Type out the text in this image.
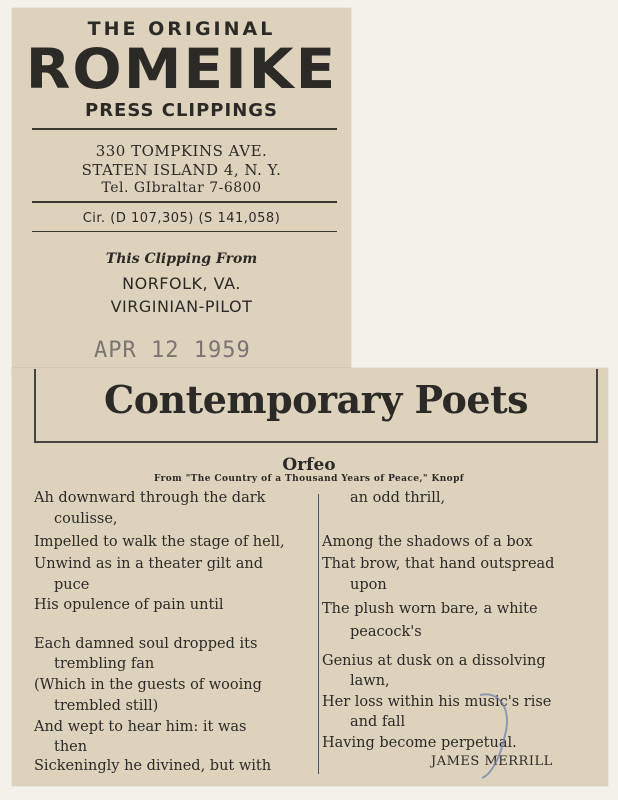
THE ORIGINAL
ROMEIKE
PRESS CLIPPINGS
330 TOMPKINS AVE.
STATEN ISLAND 4, N. Y.
Tel. GIbraltar 7-6800
Cir. (D 107,305) (S 141,058)
This Clipping From
NORFOLK, VA.
VIRGINIAN-PILOT
APR 12 1959
Contemporary Poets
Orfeo
From "The Country of a Thousand Years of Peace," Knopf
Ah downward through the dark
coulisse,
Impelled to walk the stage of hell,
Unwind as in a theater gilt and
puce
His opulence of pain until
Each damned soul dropped its
trembling fan
(Which in the guests of wooing
trembled still)
And wept to hear him: it was
then
Sickeningly he divined, but with
an odd thrill,
Among the shadows of a box
That brow, that hand outspread
upon
The plush worn bare, a white
peacock's
Genius at dusk on a dissolving
lawn,
Her loss within his music's rise
and fall
Having become perpetual.
JAMES MERRILL
